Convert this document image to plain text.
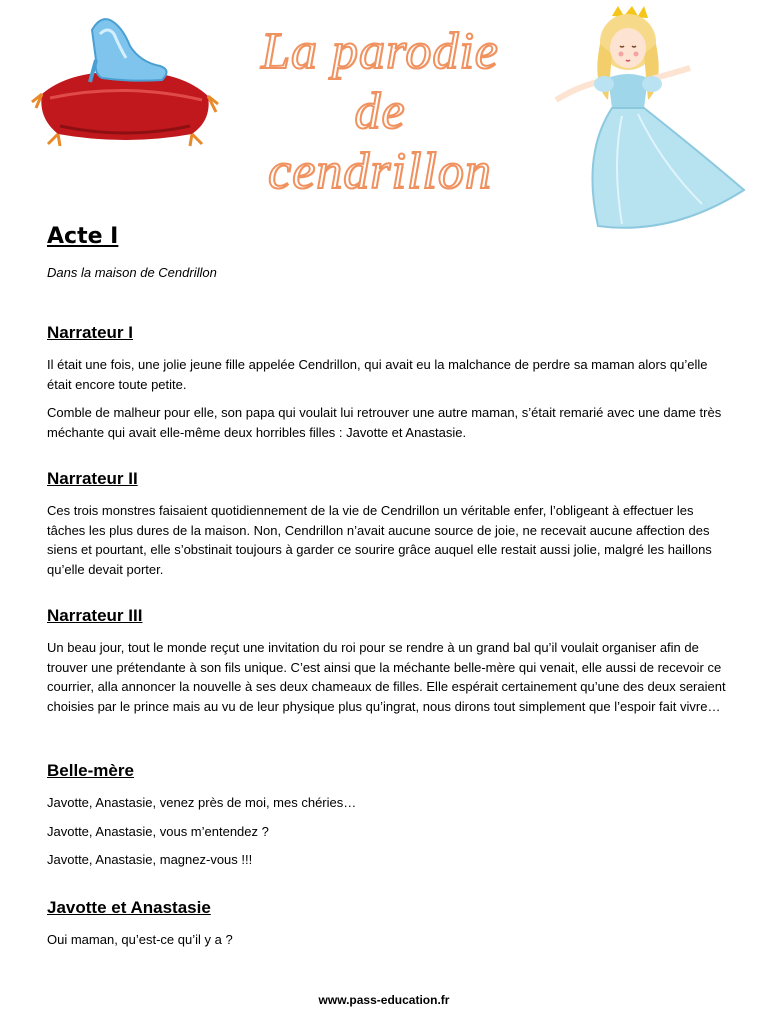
La parodie de
cendrillon
Acte I
Dans la maison de Cendrillon
Narrateur I

Il était une fois, une jolie jeune fille appelée Cendrillon, qui avait eu la malchance de perdre sa maman alors qu’elle était encore toute petite.

Comble de malheur pour elle, son papa qui voulait lui retrouver une autre maman, s’était remarié avec une dame très méchante qui avait elle-même deux horribles filles : Javotte et Anastasie.

Narrateur II

Ces trois monstres faisaient quotidiennement de la vie de Cendrillon un véritable enfer, l’obligeant à effectuer les tâches les plus dures de la maison. Non, Cendrillon n’avait aucune source de joie, ne recevait aucune affection des siens et pourtant, elle s’obstinait toujours à garder ce sourire grâce auquel elle restait aussi jolie, malgré les haillons qu’elle devait porter.

Narrateur III

Un beau jour, tout le monde reçut une invitation du roi pour se rendre à un grand bal qu’il voulait organiser afin de trouver une prétendante à son fils unique. C’est ainsi que la méchante belle-mère qui venait, elle aussi de recevoir ce courrier, alla annoncer la nouvelle à ses deux chameaux de filles. Elle espérait certainement qu’une des deux seraient choisies par le prince mais au vu de leur physique plus qu’ingrat, nous dirons tout simplement que l’espoir fait vivre…

Belle-mère

Javotte, Anastasie, venez près de moi, mes chéries…

Javotte, Anastasie, vous m’entendez ?

Javotte, Anastasie, magnez-vous !!!

Javotte et Anastasie

Oui maman, qu’est-ce qu’il y a ?

www.pass-education.fr
